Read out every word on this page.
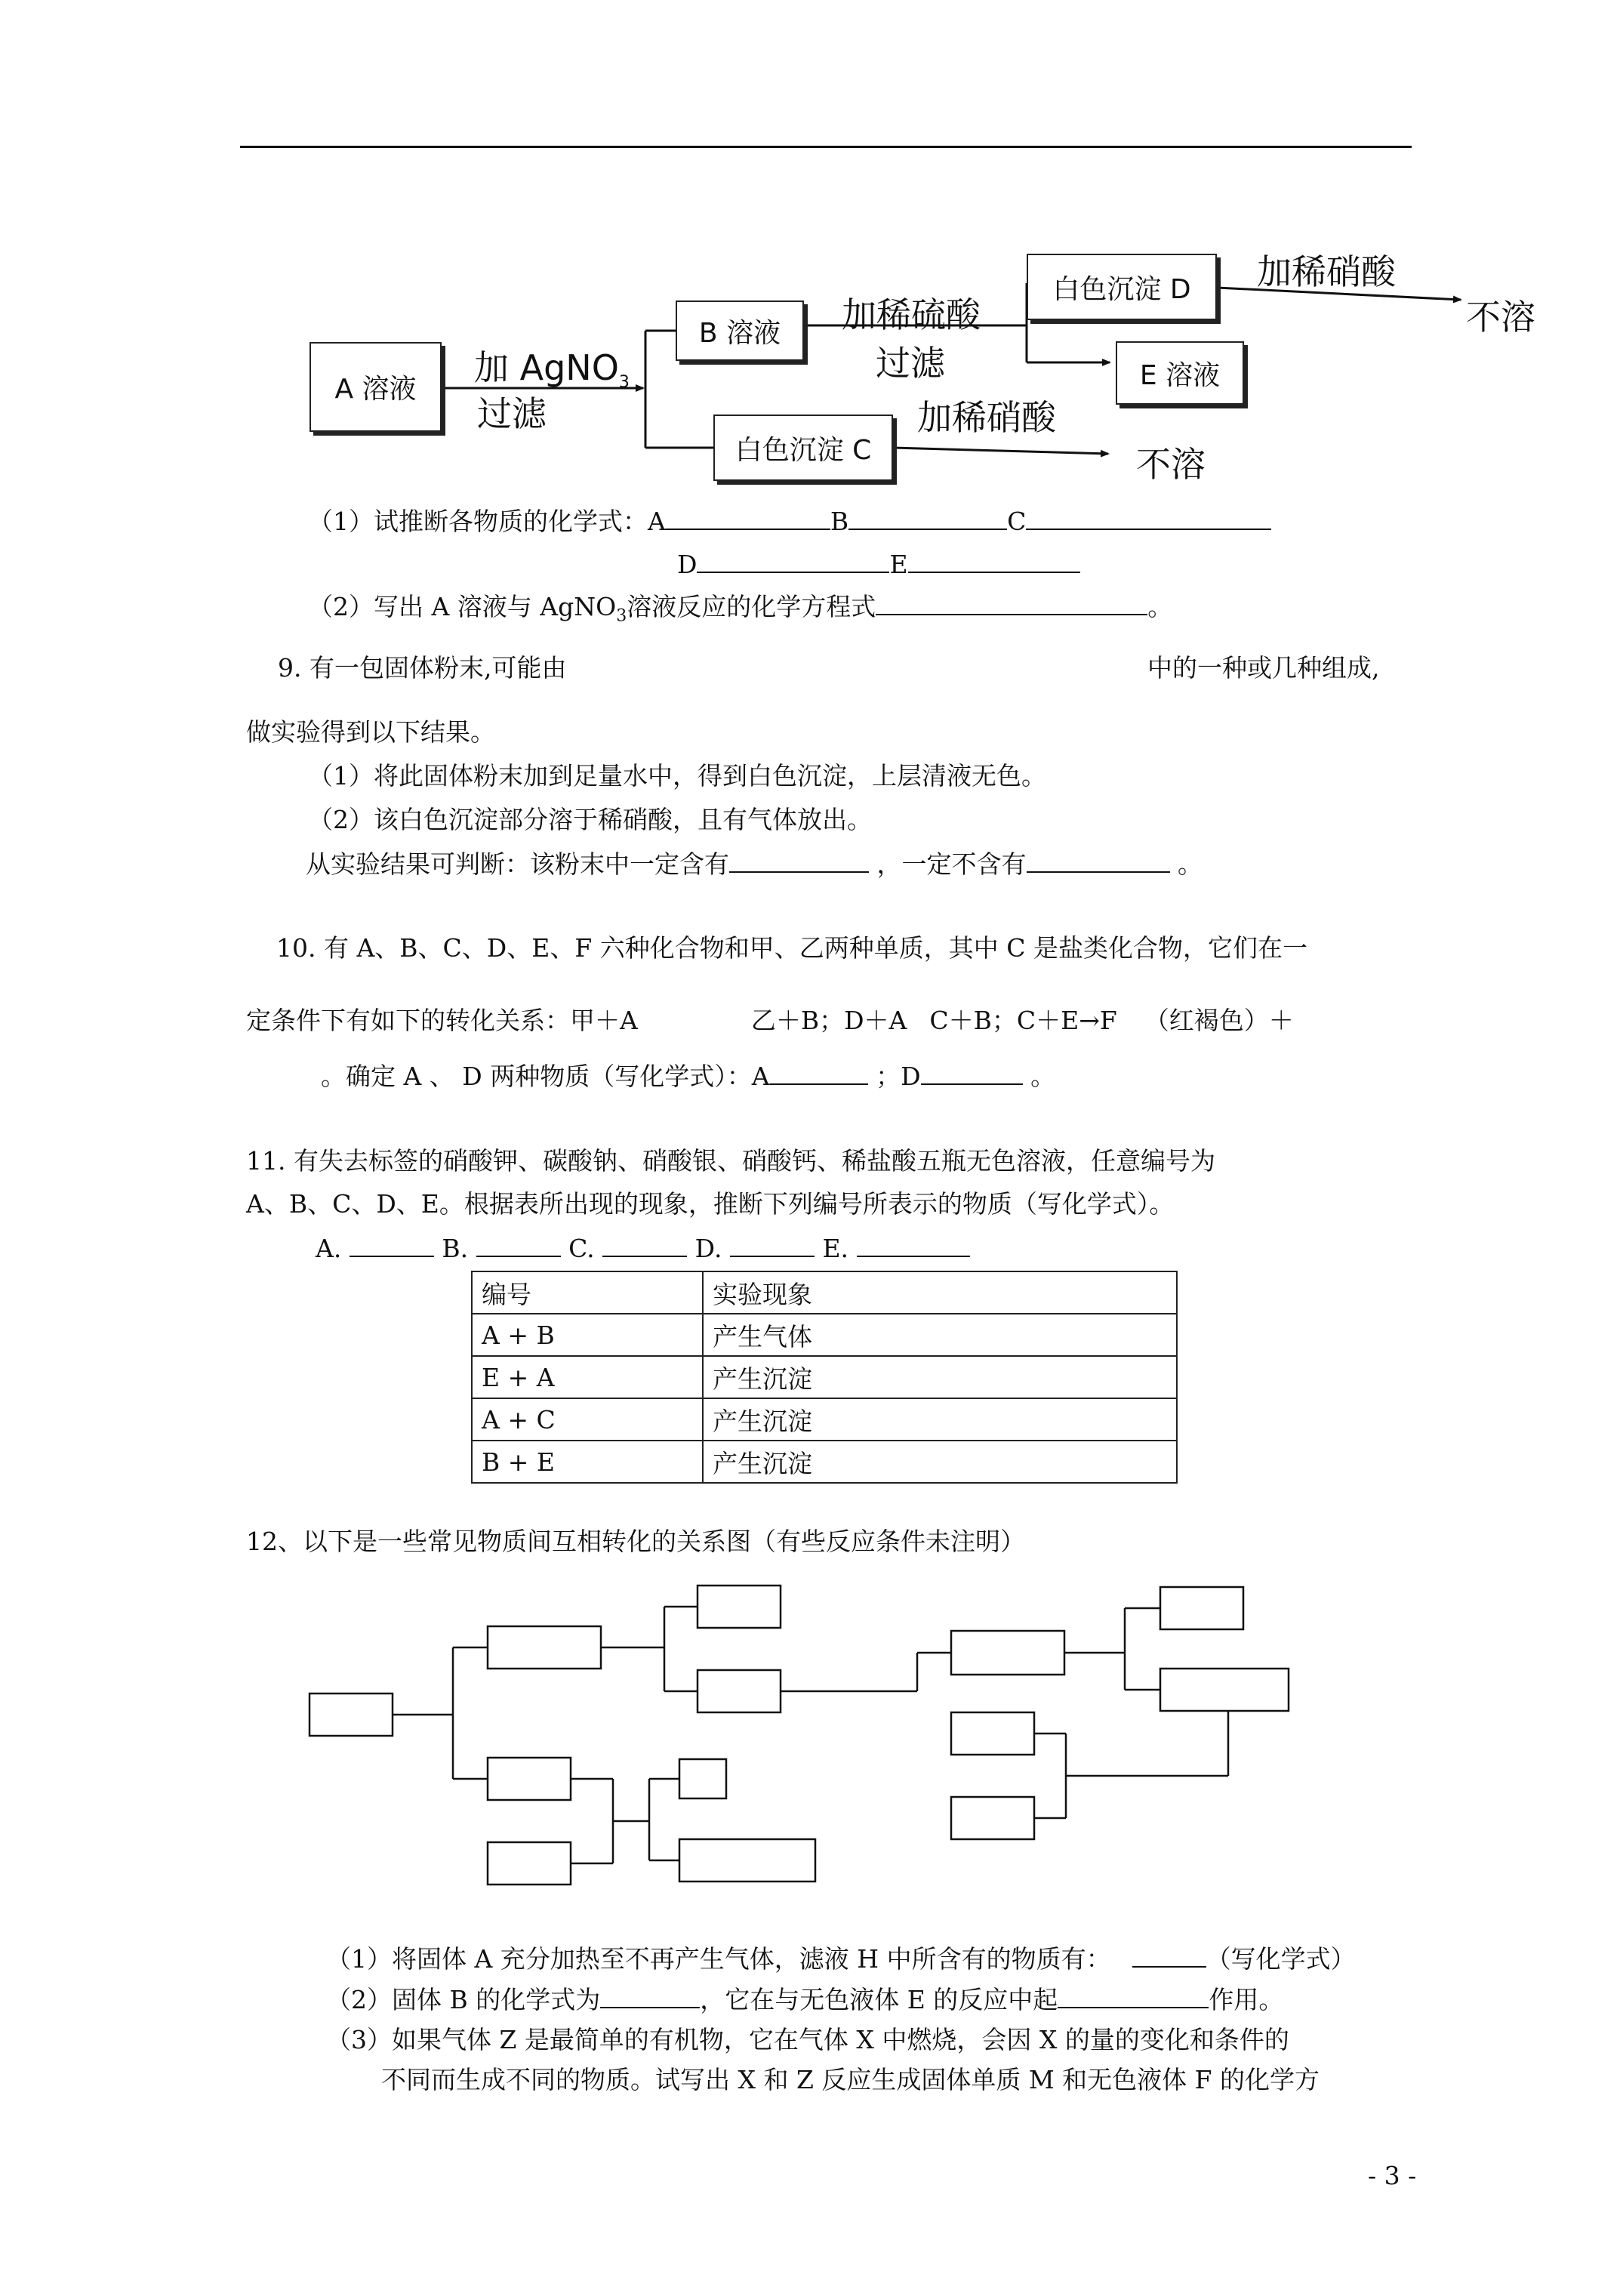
A 溶液
B 溶液
白色沉淀 C
白色沉淀 D
E 溶液
加 AgNO$_3$
过滤
加稀硫酸
过滤
加稀硝酸
不溶
加稀硝酸
不溶
（1）试推断各物质的化学式：A	B	C
D	E
（2）写出 A 溶液与 AgNO$_3$溶液反应的化学方程式	。
9. 有一包固体粉末,可能由	中的一种或几种组成,
做实验得到以下结果。
（1）将此固体粉末加到足量水中，得到白色沉淀，上层清液无色。
（2）该白色沉淀部分溶于稀硝酸，且有气体放出。
从实验结果可判断：该粉末中一定含有	，一定不含有	。
10. 有 A、B、C、D、E、F 六种化合物和甲、乙两种单质，其中 C 是盐类化合物，它们在一
定条件下有如下的转化关系：甲＋A	乙＋B；D＋A C＋B；C＋E→F （红褐色）＋
。确定 A 、 D 两种物质（写化学式）：A	；D	。
11. 有失去标签的硝酸钾、碳酸钠、硝酸银、硝酸钙、稀盐酸五瓶无色溶液，任意编号为
A、B、C、D、E。根据表所出现的现象，推断下列编号所表示的物质（写化学式）。
A.	B.	C.	D.	E.
编号	实验现象
A + B	产生气体
E + A	产生沉淀
A + C	产生沉淀
B + E	产生沉淀
12、以下是一些常见物质间互相转化的关系图（有些反应条件未注明）
（1）将固体 A 充分加热至不再产生气体，滤液 H 中所含有的物质有：	（写化学式）
（2）固体 B 的化学式为	，它在与无色液体 E 的反应中起	作用。
（3）如果气体 Z 是最简单的有机物，它在气体 X 中燃烧，会因 X 的量的变化和条件的
不同而生成不同的物质。试写出 X 和 Z 反应生成固体单质 M 和无色液体 F 的化学方
- 3 -
